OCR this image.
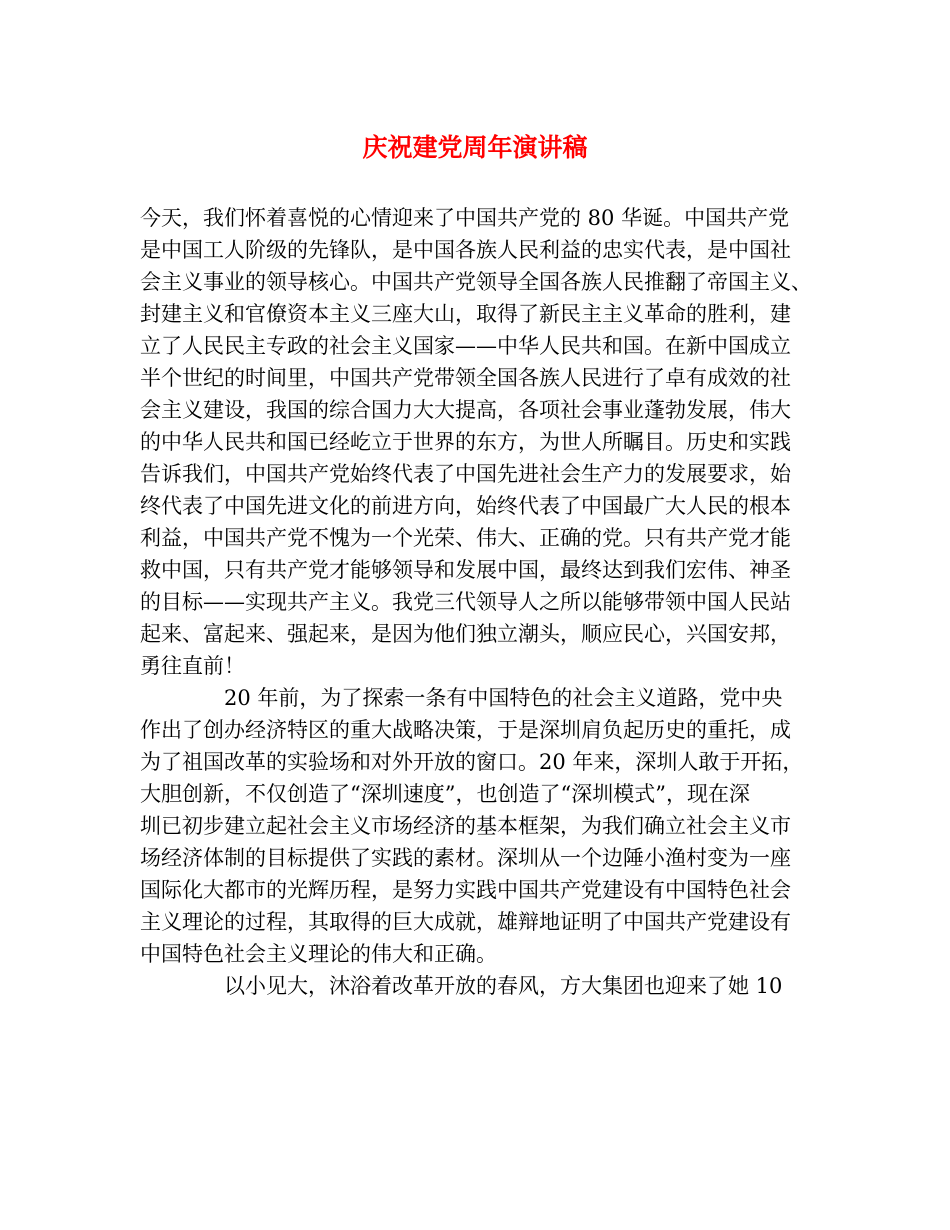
庆祝建党周年演讲稿
今天，我们怀着喜悦的心情迎来了中国共产党的 80 华诞。中国共产党
是中国工人阶级的先锋队，是中国各族人民利益的忠实代表，是中国社
会主义事业的领导核心。中国共产党领导全国各族人民推翻了帝国主义、
封建主义和官僚资本主义三座大山，取得了新民主主义革命的胜利，建
立了人民民主专政的社会主义国家——中华人民共和国。在新中国成立
半个世纪的时间里，中国共产党带领全国各族人民进行了卓有成效的社
会主义建设，我国的综合国力大大提高，各项社会事业蓬勃发展，伟大
的中华人民共和国已经屹立于世界的东方，为世人所瞩目。历史和实践
告诉我们，中国共产党始终代表了中国先进社会生产力的发展要求，始
终代表了中国先进文化的前进方向，始终代表了中国最广大人民的根本
利益，中国共产党不愧为一个光荣、伟大、正确的党。只有共产党才能
救中国，只有共产党才能够领导和发展中国，最终达到我们宏伟、神圣
的目标——实现共产主义。我党三代领导人之所以能够带领中国人民站
起来、富起来、强起来，是因为他们独立潮头，顺应民心，兴国安邦，
勇往直前！
20 年前，为了探索一条有中国特色的社会主义道路，党中央
作出了创办经济特区的重大战略决策，于是深圳肩负起历史的重托，成
为了祖国改革的实验场和对外开放的窗口。20 年来，深圳人敢于开拓，
大胆创新，不仅创造了“深圳速度”，也创造了“深圳模式”，现在深
圳已初步建立起社会主义市场经济的基本框架，为我们确立社会主义市
场经济体制的目标提供了实践的素材。深圳从一个边陲小渔村变为一座
国际化大都市的光辉历程，是努力实践中国共产党建设有中国特色社会
主义理论的过程，其取得的巨大成就，雄辩地证明了中国共产党建设有
中国特色社会主义理论的伟大和正确。
以小见大，沐浴着改革开放的春风，方大集团也迎来了她 10
